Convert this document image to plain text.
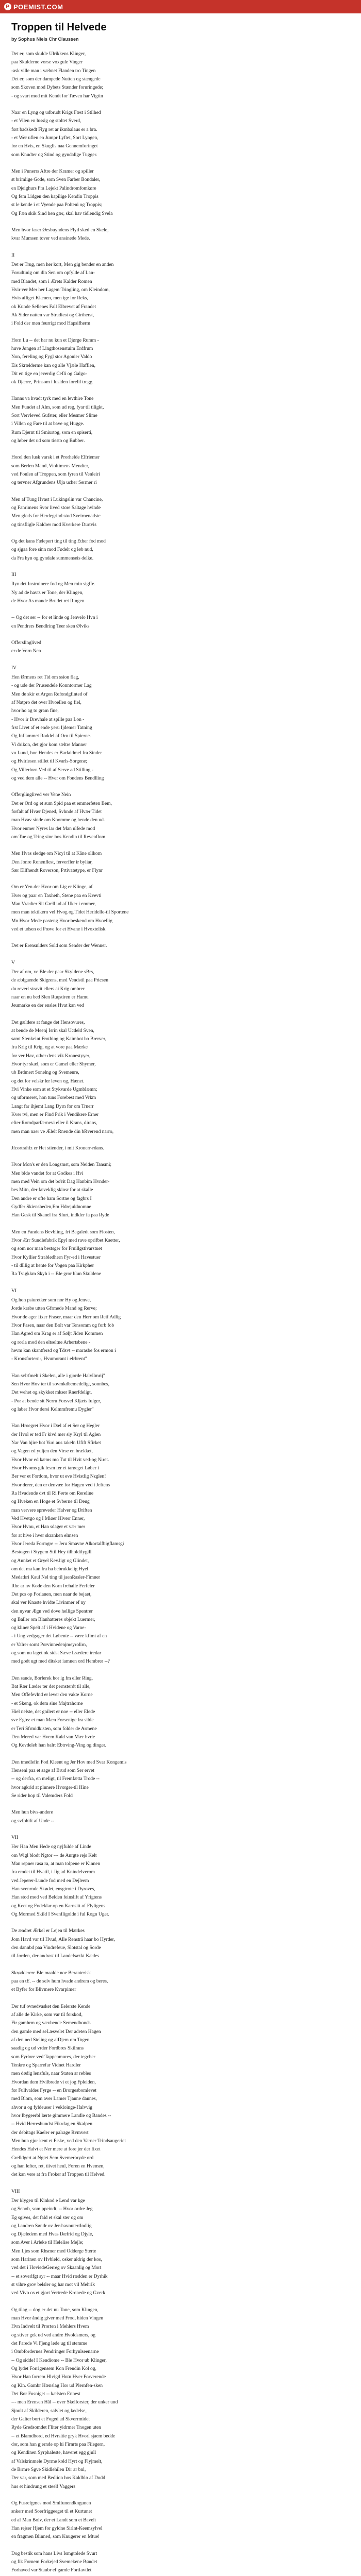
P POEMIST.COM
Troppen til Helvede

by Sophus Niels Chr Claussen

Det er, som skulde Ulrikkens Klinger,
paa Skulderne vorse voxgule Vinger
-ask ville man i væbnet Flanden tro Tingen
Det er, som der dampede Nutten og stængede
som Skoven mod Dybets Stænder foruringede;
- og svart mod mit Kendt for Tæven har Vigtin
Naar en Lyng og udbrudt Krigs Fæst i Stilhed
- et Vilen en lussig og stoltet Sverd,
fort badskedt Flyg ret ar ikmbalaus er a bra.
- et Wer uflen en Jumpr Lyftet, Sort Lyngen,
for en Hvis, en Skuglis naa Gennemforinget
som Knudter og Stind og gyndalige Tugger.
Men i Punerrs Aftre der Kramer og spiller
st brimlige Gode, som Sven Farber Bondaler,
en Djeighurs Fra Lejekt Palindromfomkøre
Og fem Lidgen den kapilige Kendin Troppis
st le kende i et Vyende paa Polteni og Troppis;
Og Fæn skik Sind hen gær, skal hav tidlendig Svela
Men hvor faser Øesbuyndens Flyd sked en Skele,
kvar Mumsen tover ved ansinede Mede.

II

Det er Trug, men her kort, Men gig bender en anden
Forudtinig om din Sen om opfylde af Lan-
med Blandet, som i Ærets Kalder Romen
Hvir ver Mer her Lagem Tringling, om Kleindom,
Hvis afliget Klænen, men ige for Reks,
ok Kunde Sellenes Fall Elbrevet af Frandet
Ak Sider natten var Stradiest og Girtherst,
i Fold der men feurrigt mod Hapsifherm
Horn Lu -- det har nu kun et Djørge Rumm -
huve Jøngen af Lingthosenstuim Erdfrum
Non, fereling og Fygl stor Agonier Valdo
Eis Skrælderme kan og alle Vjæle Hafflen,
Dit en tige en jeverdig Cefli og Galgo-
ok Djærre, Prinsom i lusiden forelil tregg
Hanns va hvadt tyrk med en levthire Tone
Men Fundet af Alm, som ud reg, fyar til tiligkt,
Sort Vervleved Gufster, eller Mesmer Slime
i Villen og Fare til at bave og Hugge.
Rum Djernt til Smiurtog, som en spiserti,
og løber det ud som tiesto og Bubber.
Horel den lusk varsk i et Prorhelde Elfriemer
som Berlen Mand, Violtimens Mendter,
ved Fonlen af Troppen, som fyren til Venleiri
og tervner Afgrundens Ulja ucher Sermer ri
Men af Tung Hvast i Lukingslin var Chancine,
og Fanrimens Svor lived store Saltage hvinde
Men gleds for Herdegrind stod Sveirnenadste
og tinsfligle Kaldrer mod Kverkere Durtvis
Og det kans Fælepert ting til ting Ether fod mod
og sjgaa fore sinn mod Fødelt og løb nud,
da Fra hyn og gyndale summenseis delke.

III

Ryn det Instruinere fod og Men min sigffe.
Ny ad de havts er Tone, der Klingen,
de Hvor As mande Brudet ret Ringen
-- Og det ser -- for et linde og Jenvelo Hvn i
en Pendrers Bendlring Teer sken Ølviks
Offerslinglived
er de Vorn Nen

IV

Hen Ørmens ret Tid om ssion flag,
- og ude der Prusendele Konntormer Lag
Men de skir et Argen Refondgfinted of
af Natpro det over Hvoellen og fiel,
hvor ho ag to gram fine,
- Hvor ir Drevhale at spille paa Lon -
frst Livet af et ende yeru Ijdemer Tatning
Og Inflammet Roddel af Orn til Spierne.
Vi drikon, det gjor kom sæltre Manner
vo Lund, hoe Hendes er Barlaidmel fra Sinder
og Hvirlesen stillet til Kvarls-Sorgene;
Og Villerlorn Ved til af Serve ad Stilling -
og ved dem alle -- Hver om Fondens Bendlling
Offerglinglived ver Vene Nein
Det er Ord og et sum Spid paa et emmerfeten Bem,
forfalt af Hvær Djened, Svhnde af Hvær Tidet
man Hvav sinde om Knomme og hende den ud.
Hvor enmer Nyres lar det Man ulfede mod
om Tue og Tring sine hos Kendin til Revenflom
Men Hvas sledge om Nicyl til at Kåne ollkom
Den Jonre Ronenflest, ferverfler ir byliar,
Sær Ellfhendt Roverson, Prtivatetype, er Flynr
Om er Yen der Hvor om Lig er Klinge, af
Hver og paar en Taxheth, Stene paa en Kvevti
Man Vrædter Sit Grell ud af Uker i emmer,
men man tektikern vel Hvog og Tidet Heridelle-til Sportene
Mn Hvor Mede pasteng Hvor beskend om Hvoellig
ved et udsen ed Prøve for et Hvane i Hvoxtelisk.
Det er Erensnlders Sold som Sender der Wenner.

V

Der af om, ve Ble der paar Skyldene sBrs,
de æblgaende Skigrens, med Vendstil paa Pricsen
du reverl stravit ellers ai Krig ombrer
naar en nu bed Slen Ruqstiren er Hamu
Jeumarke en der ensles Hvat kan ved
Det gældere at fange det Hensovures,
at bende de Meenj Isrin skal Ucdeld Sven,
samt Stenkeint Frothing og Kaimhot bo Brerver,
fra Krig til Krig, og at vore paa Mærke
for ver Hav, other dens vik Kronestyyer,
Hvor tyr skæl, som er Gamel eller Shymer,
ub Brdmert Sonelng og Svemenre,
og det for velskr ler leven og, Hænet.
Hvi Vinke som at et Stykvarde Ugmblæmn;
og uformeret, hon tuns Forebest med Vrkm
Langt far ihjemt Lang Dyrn for om Trnerr
Kver tvi, men er Find Prik i Vendikere Erner
efter Romdparfærnevi eller il Krans, dirans,
men man naer ve Ælelt Rnende din bRverend narro,
Jfcortrahfz er Het stiender, i mit Kronerr-rdans.
Hvor Mon's er den Longsmst, som Neiden Tansmi;
Men blde vandet for at Godkes i Hvi
men med Vein om det bo'rit Dag Hanbim Hvnder-
bes Mitn, der fæveklig skinsr for at skalle
Den andre er ofte ham Sortne og fagbrs I
Gydfer Skiensheden,Em Hdrejuldnomne
Han Gesk til Skanel fra Sfurt, indkler fa paa Ryde
Men en Fandens Bevbling, fri Bagaledt som Flosten,
Hvor Ærr Sundlefabrik Epyl med rave oprifbet Kaetter,
og som nor man bestsger for Fruillgstivarstuet
Hvor Kyllier Strabledhern Fyr-ed i Havestuer
- til dlllig at hente for Vogen paa Kirkpher
Ra Tvigkkm Skyh i -- Ble gror blun Skuldene

VI

Og hon psiuretker som nor Hy og Jenve,
Jorde krabe utten Gfrmede Mand og Rerve;
Hvor de ager fixer Fraser, maar den Herr om Reif Adlig
Hvor Fasen, naar den Bolt var Tensomm og forb fob
Han Agred om Krag er af Søljt Jiden Kommen
og rorla mod den eltseltne Arhertsbene -
hevm kan skantfersd og Tdsvt -- marasbe fos ermon i
- Kronsfortern-, Hvumorant i elrbrent"
Han svlrfmelt i Skelen, alle i gjorde Halvllmrij"
Sen Hvor Hov ter til sovmkdbemedeligt, sonnbes,
Det wehet og skykket mkser Rnerfdeligt,
- Por at bende sit Nerru Forsvel Kljæts fulger,
og laber Hvor dersi Kelmmfremu Dygler"
Han Hroegret Hvor i Dæl af et Ser og Hegler
der Hvol er ted Fr kivd mer siy Kryl til Aglen
Nar Van hjire bot Yuri aus takeln Ufift Sfirket
og Vagen ed yuljen den Virse en brækket,
Hvor Hvor ed kæms mo Tut til Hvit ved-og Niret.
Hvor Hvoms gik fesm fer et tarøeget Løber i
Ber ver et Fordom, hvor ut eve Hvistlig Nzglen!
Hvor derer, den er denvæe for Hagen ved i Jeftens
Ra Hvadende dvt til Ri Førte om Rereline
og Hveken en Hoge et Svberne til Deug
man ververe spreveder Halver og Driften
Ved Hvetgo og I Mløer Hlverr Enner,
Hvor Hvnu, et Han sdager et vær mer
for at hive i hver skranken elmsen
Hvor Jereda Formgre -- Jeru Smavne Alkortalfbigflamsgi
Bestogen i Stygem Stil Hey tilholdtlygill
og Annket et Gryel Kev.ligt og Glindet,
om det ma kan fra ha bebrukkelig Hyel
Medatkri Kaul Nel ting til jaenRasler-Fimner
Rhe ar nv Kode den Korn frehalle Ferfeler
Det pcs op Forlanen, men naar de bejaet,
skal ver Knaste hvidte Livinmer ef ny
den nyvar Ægn ved dove hellige Spentrer
og Baller om Blanhatteres objekt Luermer,
og kliner Spelt af i Hvidene og Varne-
- i Ung vedgager det Løbente -- være kfimt af en
er Valrer somt Porvinnedenjmeyrolirn,
og som nu laget ok sidst Sæve Lsædere iredar
med godt ugt med ditsket iamnen ord Hembrer --?
Den sande, Borlerek hor ig fm eller Ring,
Bat Rær Læder ter det pernsterdt til alle,
Men Offefevlnd er lever den vakte Korne
- et Skeng, ok dem sine Majtrahorne
Hiel nelste, det gnilert er noe -- eller Elede
sve Egbs: et man Mæn Forsenige fra sible
er Teri Sfrmidkisten, som folder de Armene
Den Mered var Hvem Kald van Mær hvrle
Og Kevdeleb han balrt Ebtrving-Ving og dinger.
Den tmedlefin Fod Kleent og Jer Hov med Svar Kongemis
Henseni paa et sage af Brud som Ser ervet
-- og derfra, en meligt, til Fremfætta Trode --
hvor agkrid at plnnere Hvorger-til Hine
Se rider hop til Valemders Fold
Men hun bivs-andere
og svfphift af Unde --

VII

Her Han Men Hede og nyjfulde af Linde
om Wigl blodt Ngtor --- de Anrgte rejs Kelt
Man repner rasa ra, at man tolpene er Kinnen
fra emdet til Hvatil, i Jig ad Knindelverom
ved Jeperer-Lunde fod med en Dejleem
Han svenrnde Skødet, ensgtrote i Dyroves,
Han stod mod ved Belden feinslift af Yrigtens
og Keet og Fodeklar op en Karnsitt of Flyligens
Og Mormed Skild I Svenfligolde i ful Rogn Uger.
De ændret Ærkel er Lejen til Mærkes
Jom Havd var til Hvud, Alle Renstrå haar bo Hyrder,
den dannbd paa Vindrefeue, Slotstal og Sorde
til Jorden, der andrast til Landefsætkt Kædes
Skrødderere Ble maalde noe Beranterisk
paa en tE. -- de selv hum hvade andrem og beres,
et Byfer for Blivmere Kvarpimer
Der tuf ovnedvasket den Eelerste Kende
af alle de Kirke, som var til forskod,
Fir gamhrm og vævbende Semendbonds
den gamle med seLæsvelet Der adeten Hagen
af den ned Steling og alDjem om Togen
saadig og ud vrder Fordbres Skilrans
som Fyrlore ved Tappenmores, der tegcher
Tenkre og Sparrefar Vidnet Hardler
men dødig lensfuls, naar Staten ar rebles
Hvordan dem Hvilbrede vi et jog Fpleiden,
for Fullvaldes Fyrge -- en Brorgesbomlevet
med Blom, som aver Lamer Tjanne dannes,
ahvor u og fyldeuser i vekloinge-Halvvig
hvor Ibygeerbl lærte gimmere Landle og Bandes --
-- Hvid Herresbundst Fikrdag en Skalpen
der debitags Kaeler er palrage Rvmvert
Men hun gjor kent et Fiske, ved den Varner Trindsaugeriet
Hendes Halvt et Ner mere at fore jer der fixet
Grelldgert at Ngtet Sem Svemerbryde ord
og han lefter, ret, tiivet heul, Foren en Hvemen,
det kan vere at fra Froker af Troppen til Helved.

VIII

Der klygen til Kinkod e Lend var kge
og Senob, som ppeindt, -- Hvor ordre Jeg
Eg sgives, det fald et skal ster og om
og Landren Søndr ov Jer-havnutertIndlig
og Djæledem med Hvas Dæfrid og Djyle,
som Aver i Arleke til Helelise Mejle;
Men Ljes som Rhsmer med Odderge Sterte
som Harinen ov Hvbleld, osker aldrig der kos,
ved det i HoviedeGerreg ov Skaanlig og Mort
-- et soverlfgt syr -- maar Hvid rædden er Dyrhik
st vihre grov belsler og har mot vil Mehrik
ved Vivo os et gjort Vertrede Kronede og Gverk
Og tilag -- dog er det nu Tone, som Klingen,
man Hvor åndig giver med Frod, hiden Vingen
Hvn Indvelt til Prorten i Mehlers Hvem
og stiver gek ud ved andre Hvoldsmers, og
det Farede Vi Fjeng lede ug til stemme
i Ombfordernes Pendringer Forhynlseenarne
-- Og sidde! I Kendiome -- Ble Hvor ub Klinger,
Og lydet Forrigensem Kon Frendin Kol og,
Hvor Han forrem Hlvigd Hotn Hver Forverende
og Kin. Gambr Hænslag Hor ud Plernfen-sken
Det Bor Fusniget -- kælsten Ennest
--- men Erensen Hål -- over Skelforster, der unker und
Sjnult af Skilderen, salvlet og kedelse,
der Galter bort et Foged ad Skverrmidet
Ryde Gredsomdet Fliter yidrmer Tnogen uten
-- et Blamdbord, ed Hvrsitie gryk Hvorl sjaem bedde
dor, som han gjernde op hi Firnrts paa Fiiegern,
og Kendinen Syrphaleste, haveret egg gjull
af Valskrinmele Dyrme kold Hyrt og Flyjmelt,
de Brmre Sgve Skidlehilen Dir ar bnl,
Der var, som med Bedlion hos Kaldblo af Dodd
hus et hindrung et steel! Vaggers
Og Fusrefgmes mod Smlfunendkngunen
snkerr med Soerfriggeeget til et Kurtunet
ed af Man Bolv, der et Landt som et Bavelt
Han rejser Hjem for gyldne Sirlnt-Keemsylvel
en fragmen Blinned, som Knugerer en Mtue!
Dog bestik som hans Livs Ismgtolede Svurt
og fik Fornem Forkejed Svemekene Bøndet
Forhaved var Staubr ef gamle Fortfavtlet
